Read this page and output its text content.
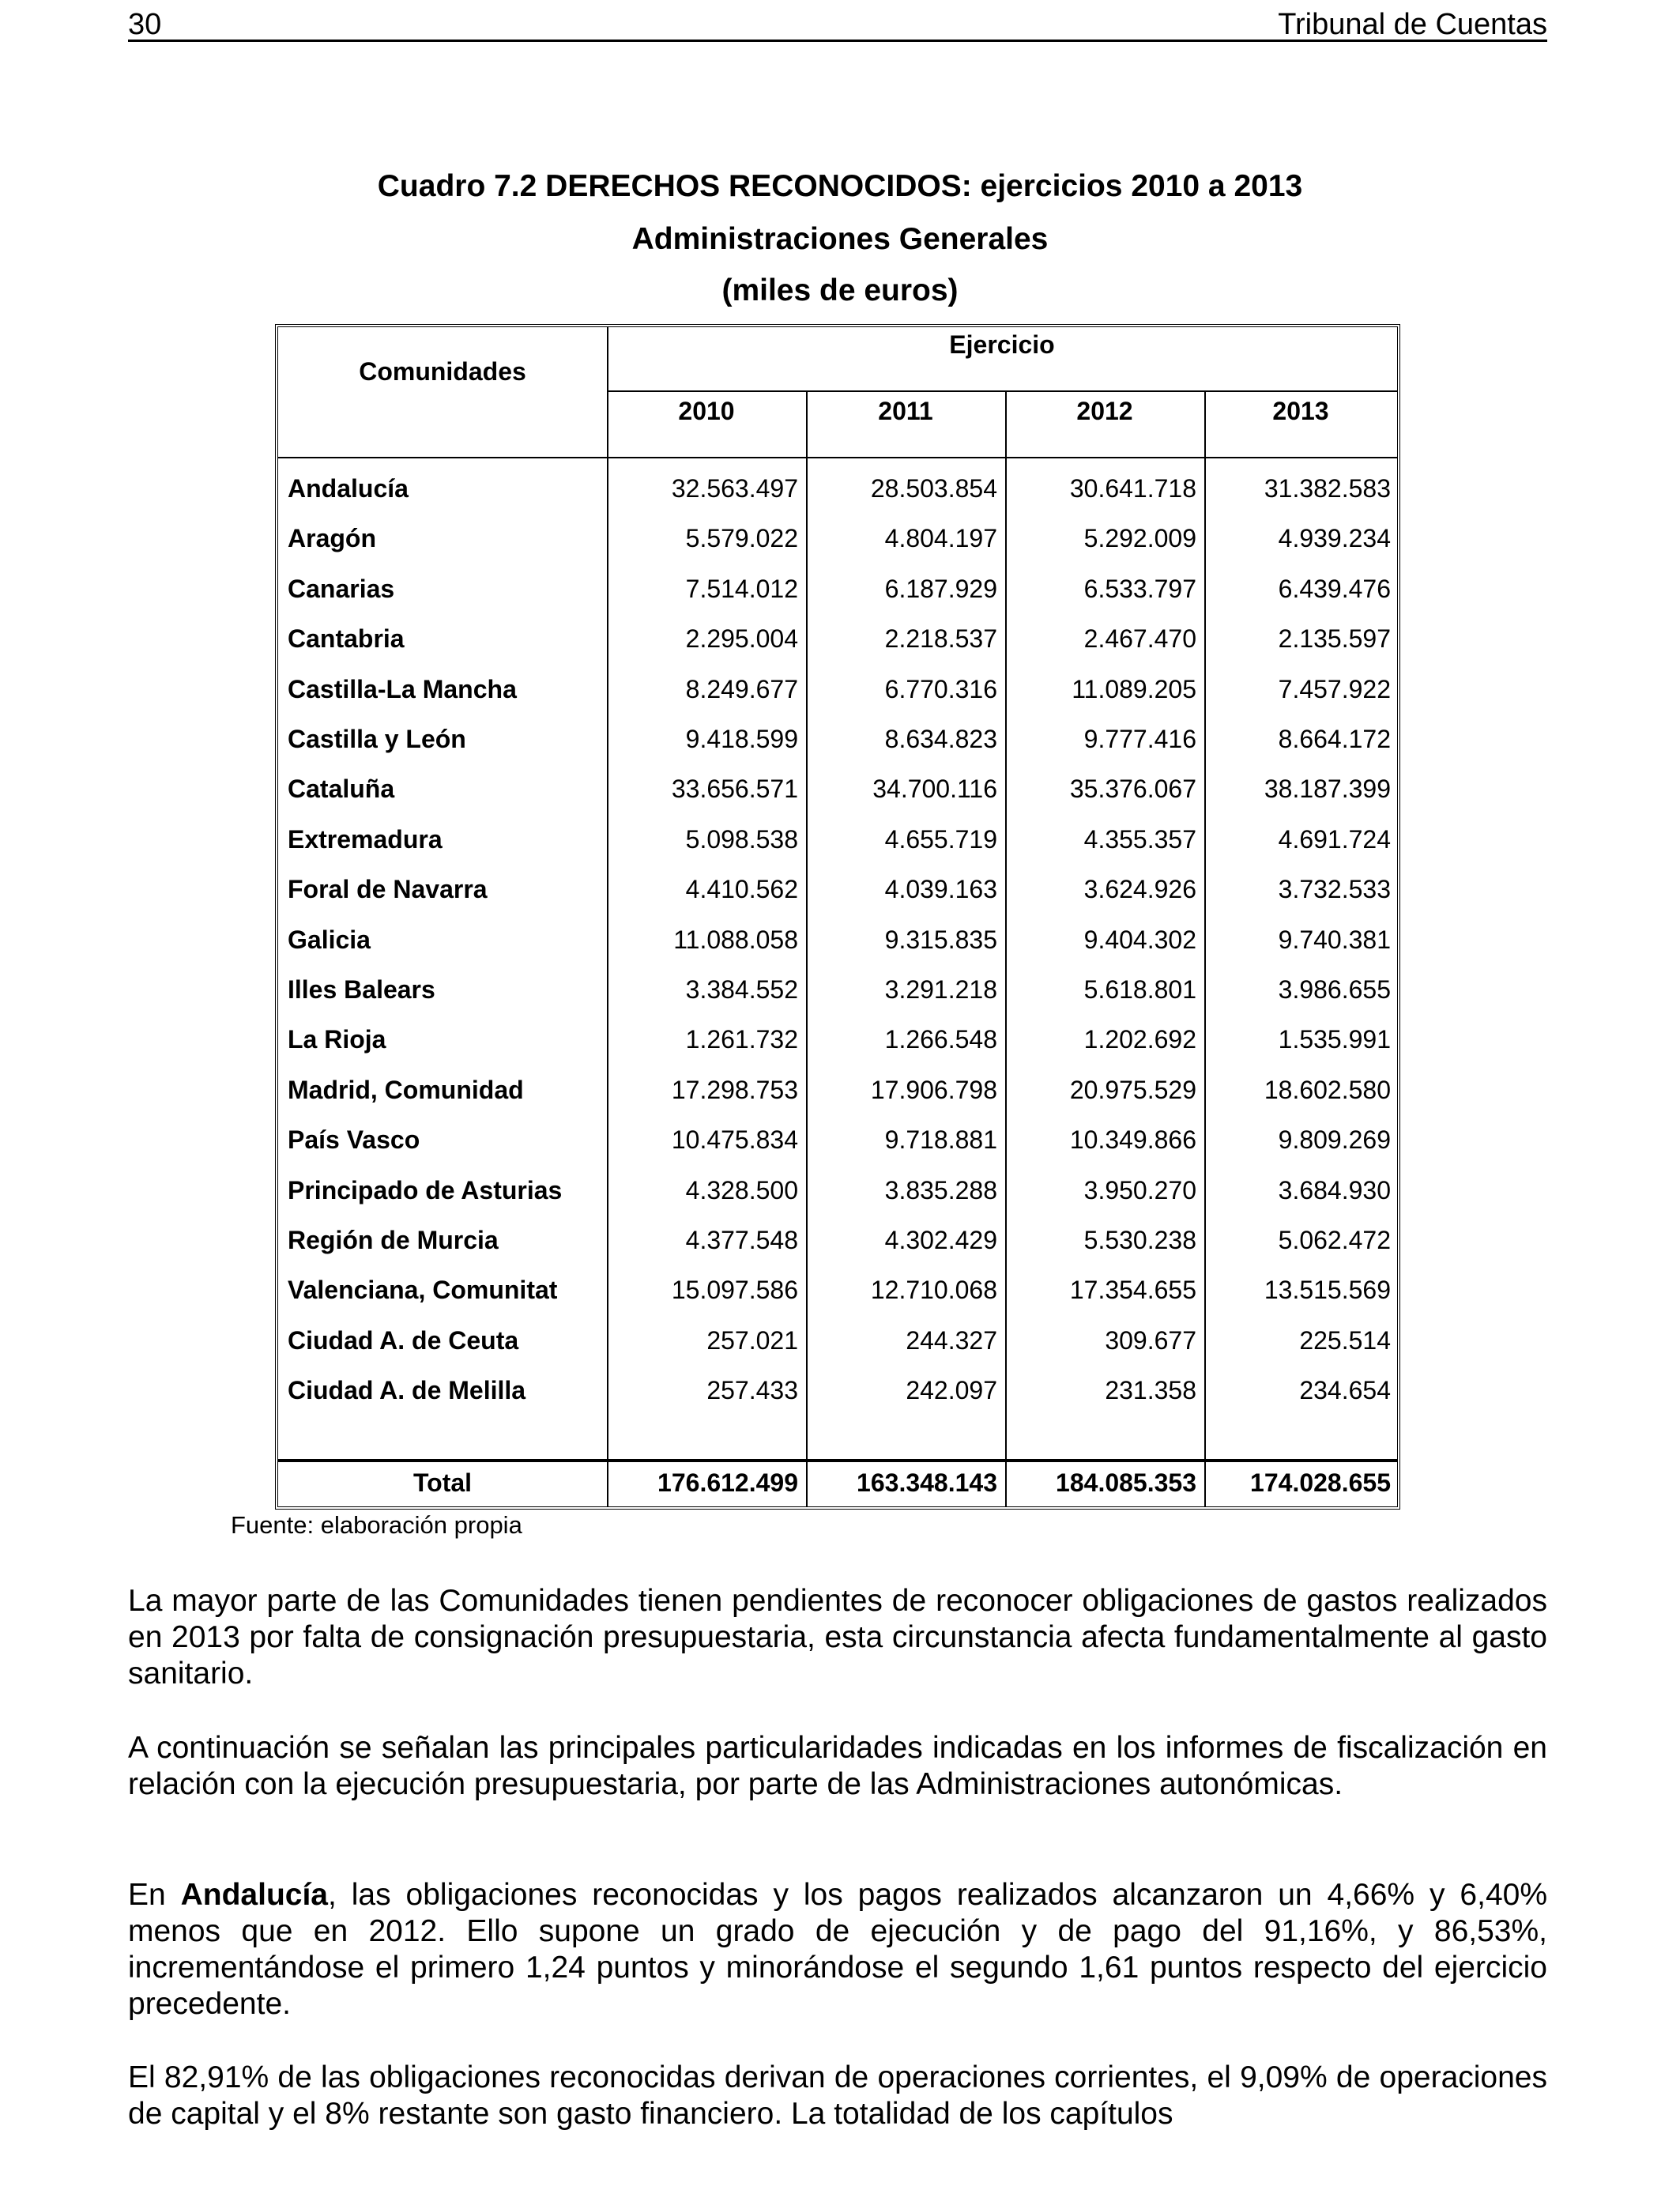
30	Tribunal de Cuentas
Cuadro 7.2 DERECHOS RECONOCIDOS: ejercicios 2010 a 2013
Administraciones Generales
(miles de euros)
Comunidades
Ejercicio
2010	2011	2012	2013
Andalucía	32.563.497	28.503.854	30.641.718	31.382.583
Aragón	5.579.022	4.804.197	5.292.009	4.939.234
Canarias	7.514.012	6.187.929	6.533.797	6.439.476
Cantabria	2.295.004	2.218.537	2.467.470	2.135.597
Castilla-La Mancha	8.249.677	6.770.316	11.089.205	7.457.922
Castilla y León	9.418.599	8.634.823	9.777.416	8.664.172
Cataluña	33.656.571	34.700.116	35.376.067	38.187.399
Extremadura	5.098.538	4.655.719	4.355.357	4.691.724
Foral de Navarra	4.410.562	4.039.163	3.624.926	3.732.533
Galicia	11.088.058	9.315.835	9.404.302	9.740.381
Illes Balears	3.384.552	3.291.218	5.618.801	3.986.655
La Rioja	1.261.732	1.266.548	1.202.692	1.535.991
Madrid, Comunidad	17.298.753	17.906.798	20.975.529	18.602.580
País Vasco	10.475.834	9.718.881	10.349.866	9.809.269
Principado de Asturias	4.328.500	3.835.288	3.950.270	3.684.930
Región de Murcia	4.377.548	4.302.429	5.530.238	5.062.472
Valenciana, Comunitat	15.097.586	12.710.068	17.354.655	13.515.569
Ciudad A. de Ceuta	257.021	244.327	309.677	225.514
Ciudad A. de Melilla	257.433	242.097	231.358	234.654
Total	176.612.499	163.348.143	184.085.353	174.028.655
Fuente: elaboración propia

La mayor parte de las Comunidades tienen pendientes de reconocer obligaciones de gastos realizados en 2013 por falta de consignación presupuestaria, esta circunstancia afecta fundamentalmente al gasto sanitario.

A continuación se señalan las principales particularidades indicadas en los informes de fiscalización en relación con la ejecución presupuestaria, por parte de las Administraciones autonómicas.

En Andalucía, las obligaciones reconocidas y los pagos realizados alcanzaron un 4,66% y 6,40% menos que en 2012. Ello supone un grado de ejecución y de pago del 91,16%, y 86,53%, incrementándose el primero 1,24 puntos y minorándose el segundo 1,61 puntos respecto del ejercicio precedente.

El 82,91% de las obligaciones reconocidas derivan de operaciones corrientes, el 9,09% de operaciones de capital y el 8% restante son gasto financiero. La totalidad de los capítulos
